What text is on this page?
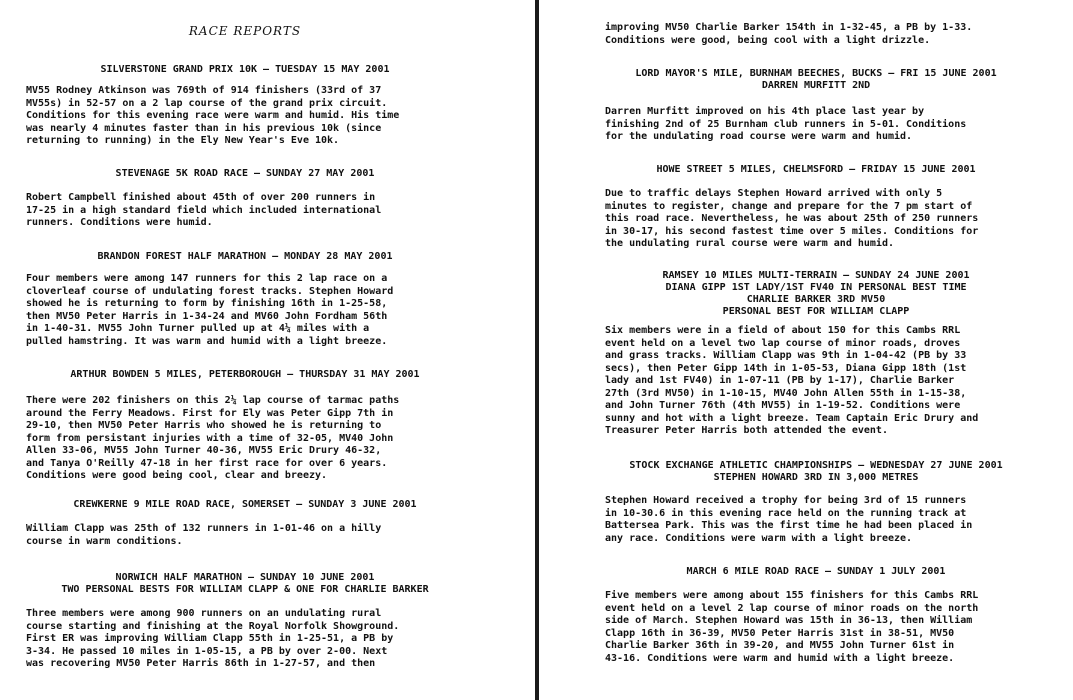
RACE REPORTS
SILVERSTONE GRAND PRIX 10K – TUESDAY 15 MAY 2001
MV55 Rodney Atkinson was 769th of 914 finishers (33rd of 37
MV55s) in 52-57 on a 2 lap course of the grand prix circuit.
Conditions for this evening race were warm and humid. His time
was nearly 4 minutes faster than in his previous 10k (since
returning to running) in the Ely New Year's Eve 10k.
STEVENAGE 5K ROAD RACE – SUNDAY 27 MAY 2001
Robert Campbell finished about 45th of over 200 runners in
17-25 in a high standard field which included international
runners. Conditions were humid.
BRANDON FOREST HALF MARATHON – MONDAY 28 MAY 2001
Four members were among 147 runners for this 2 lap race on a
cloverleaf course of undulating forest tracks. Stephen Howard
showed he is returning to form by finishing 16th in 1-25-58,
then MV50 Peter Harris in 1-34-24 and MV60 John Fordham 56th
in 1-40-31. MV55 John Turner pulled up at 4¼ miles with a
pulled hamstring. It was warm and humid with a light breeze.
ARTHUR BOWDEN 5 MILES, PETERBOROUGH – THURSDAY 31 MAY 2001
There were 202 finishers on this 2¼ lap course of tarmac paths
around the Ferry Meadows. First for Ely was Peter Gipp 7th in
29-10, then MV50 Peter Harris who showed he is returning to
form from persistant injuries with a time of 32-05, MV40 John
Allen 33-06, MV55 John Turner 40-36, MV55 Eric Drury 46-32,
and Tanya O'Reilly 47-18 in her first race for over 6 years.
Conditions were good being cool, clear and breezy.
CREWKERNE 9 MILE ROAD RACE, SOMERSET – SUNDAY 3 JUNE 2001
William Clapp was 25th of 132 runners in 1-01-46 on a hilly
course in warm conditions.
NORWICH HALF MARATHON – SUNDAY 10 JUNE 2001
TWO PERSONAL BESTS FOR WILLIAM CLAPP & ONE FOR CHARLIE BARKER
Three members were among 900 runners on an undulating rural
course starting and finishing at the Royal Norfolk Showground.
First ER was improving William Clapp 55th in 1-25-51, a PB by
3-34. He passed 10 miles in 1-05-15, a PB by over 2-00. Next
was recovering MV50 Peter Harris 86th in 1-27-57, and then
improving MV50 Charlie Barker 154th in 1-32-45, a PB by 1-33.
Conditions were good, being cool with a light drizzle.
LORD MAYOR'S MILE, BURNHAM BEECHES, BUCKS – FRI 15 JUNE 2001
DARREN MURFITT 2ND
Darren Murfitt improved on his 4th place last year by
finishing 2nd of 25 Burnham club runners in 5-01. Conditions
for the undulating road course were warm and humid.
HOWE STREET 5 MILES, CHELMSFORD – FRIDAY 15 JUNE 2001
Due to traffic delays Stephen Howard arrived with only 5
minutes to register, change and prepare for the 7 pm start of
this road race. Nevertheless, he was about 25th of 250 runners
in 30-17, his second fastest time over 5 miles. Conditions for
the undulating rural course were warm and humid.
RAMSEY 10 MILES MULTI-TERRAIN – SUNDAY 24 JUNE 2001
DIANA GIPP 1ST LADY/1ST FV40 IN PERSONAL BEST TIME
CHARLIE BARKER 3RD MV50
PERSONAL BEST FOR WILLIAM CLAPP
Six members were in a field of about 150 for this Cambs RRL
event held on a level two lap course of minor roads, droves
and grass tracks. William Clapp was 9th in 1-04-42 (PB by 33
secs), then Peter Gipp 14th in 1-05-53, Diana Gipp 18th (1st
lady and 1st FV40) in 1-07-11 (PB by 1-17), Charlie Barker
27th (3rd MV50) in 1-10-15, MV40 John Allen 55th in 1-15-38,
and John Turner 76th (4th MV55) in 1-19-52. Conditions were
sunny and hot with a light breeze. Team Captain Eric Drury and
Treasurer Peter Harris both attended the event.
STOCK EXCHANGE ATHLETIC CHAMPIONSHIPS – WEDNESDAY 27 JUNE 2001
STEPHEN HOWARD 3RD IN 3,000 METRES
Stephen Howard received a trophy for being 3rd of 15 runners
in 10-30.6 in this evening race held on the running track at
Battersea Park. This was the first time he had been placed in
any race. Conditions were warm with a light breeze.
MARCH 6 MILE ROAD RACE – SUNDAY 1 JULY 2001
Five members were among about 155 finishers for this Cambs RRL
event held on a level 2 lap course of minor roads on the north
side of March. Stephen Howard was 15th in 36-13, then William
Clapp 16th in 36-39, MV50 Peter Harris 31st in 38-51, MV50
Charlie Barker 36th in 39-20, and MV55 John Turner 61st in
43-16. Conditions were warm and humid with a light breeze.
